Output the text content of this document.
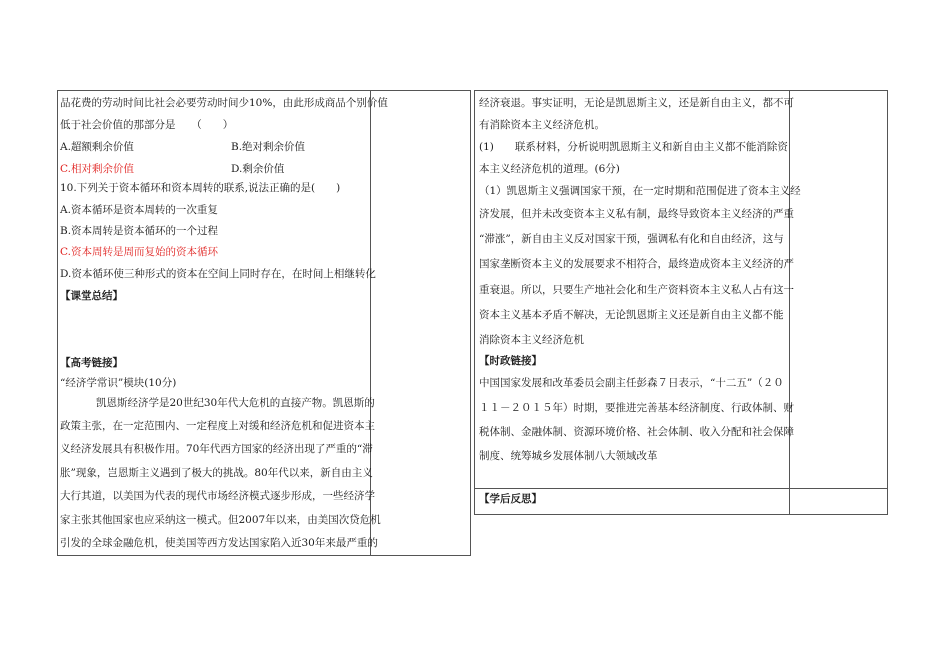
品花费的劳动时间比社会必要劳动时间少10%，由此形成商品个别价值
低于社会价值的那部分是　　（　　）
A.超额剩余价值	B.绝对剩余价值
C.相对剩余价值	D.剩余价值
10.下列关于资本循环和资本周转的联系,说法正确的是(　　)
A.资本循环是资本周转的一次重复
B.资本周转是资本循环的一个过程
C.资本周转是周而复始的资本循环
D.资本循环使三种形式的资本在空间上同时存在，在时间上相继转化
【课堂总结】
【高考链接】
“经济学常识”模块(10分)
凯恩斯经济学是20世纪30年代大危机的直接产物。凯恩斯的
政策主张，在一定范围内、一定程度上对缓和经济危机和促进资本主
义经济发展具有积极作用。70年代西方国家的经济出现了严重的“滞
胀”现象，岂恩斯主义遇到了极大的挑战。80年代以来，新自由主义
大行其道，以美国为代表的现代市场经济模式逐步形成，一些经济学
家主张其他国家也应采纳这一模式。但2007年以来，由美国次贷危机
引发的全球金融危机，使美国等西方发达国家陷入近30年来最严重的
经济衰退。事实证明，无论是凯恩斯主义，还是新自由主义，都不可
有消除资本主义经济危机。
(1)　　联系材料，分析说明凯恩斯主义和新自由主义都不能消除资
本主义经济危机的道理。(6分)
（1）凯恩斯主义强调国家干预，在一定时期和范围促进了资本主义经
济发展，但并未改变资本主义私有制，最终导致资本主义经济的严重
“滞涨”，新自由主义反对国家干预，强调私有化和自由经济，这与
国家垄断资本主义的发展要求不相符合，最终造成资本主义经济的严
重衰退。所以，只要生产地社会化和生产资料资本主义私人占有这一
资本主义基本矛盾不解决，无论凯恩斯主义还是新自由主义都不能
消除资本主义经济危机
【时政链接】
中国国家发展和改革委员会副主任彭森７日表示，“十二五”（２０
１１－２０１５年）时期，要推进完善基本经济制度、行政体制、财
税体制、金融体制、资源环境价格、社会体制、收入分配和社会保障
制度、统筹城乡发展体制八大领域改革
【学后反思】
